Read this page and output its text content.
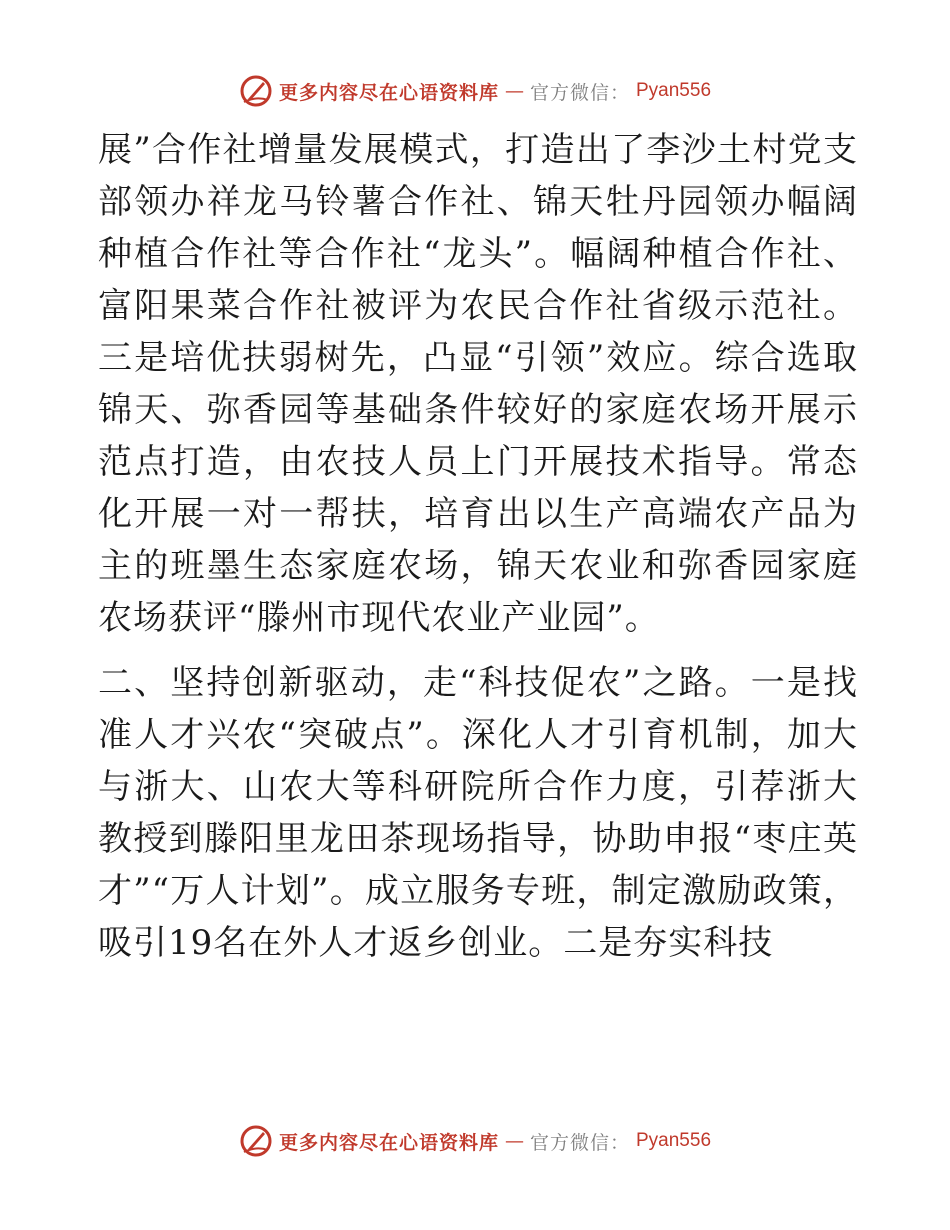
更多内容尽在心语资料库 — 官方微信： Pyan556

展”合作社增量发展模式，打造出了李沙土村党支部领办祥龙马铃薯合作社、锦天牡丹园领办幅阔种植合作社等合作社“龙头”。幅阔种植合作社、富阳果菜合作社被评为农民合作社省级示范社。三是培优扶弱树先，凸显“引领”效应。综合选取锦天、弥香园等基础条件较好的家庭农场开展示范点打造，由农技人员上门开展技术指导。常态化开展一对一帮扶，培育出以生产高端农产品为主的班墨生态家庭农场，锦天农业和弥香园家庭农场获评“滕州市现代农业产业园”。

二、坚持创新驱动，走“科技促农”之路。一是找准人才兴农“突破点”。深化人才引育机制，加大与浙大、山农大等科研院所合作力度，引荐浙大教授到滕阳里龙田茶现场指导，协助申报“枣庄英才”“万人计划”。成立服务专班，制定激励政策，吸引19名在外人才返乡创业。二是夯实科技

更多内容尽在心语资料库 — 官方微信： Pyan556
